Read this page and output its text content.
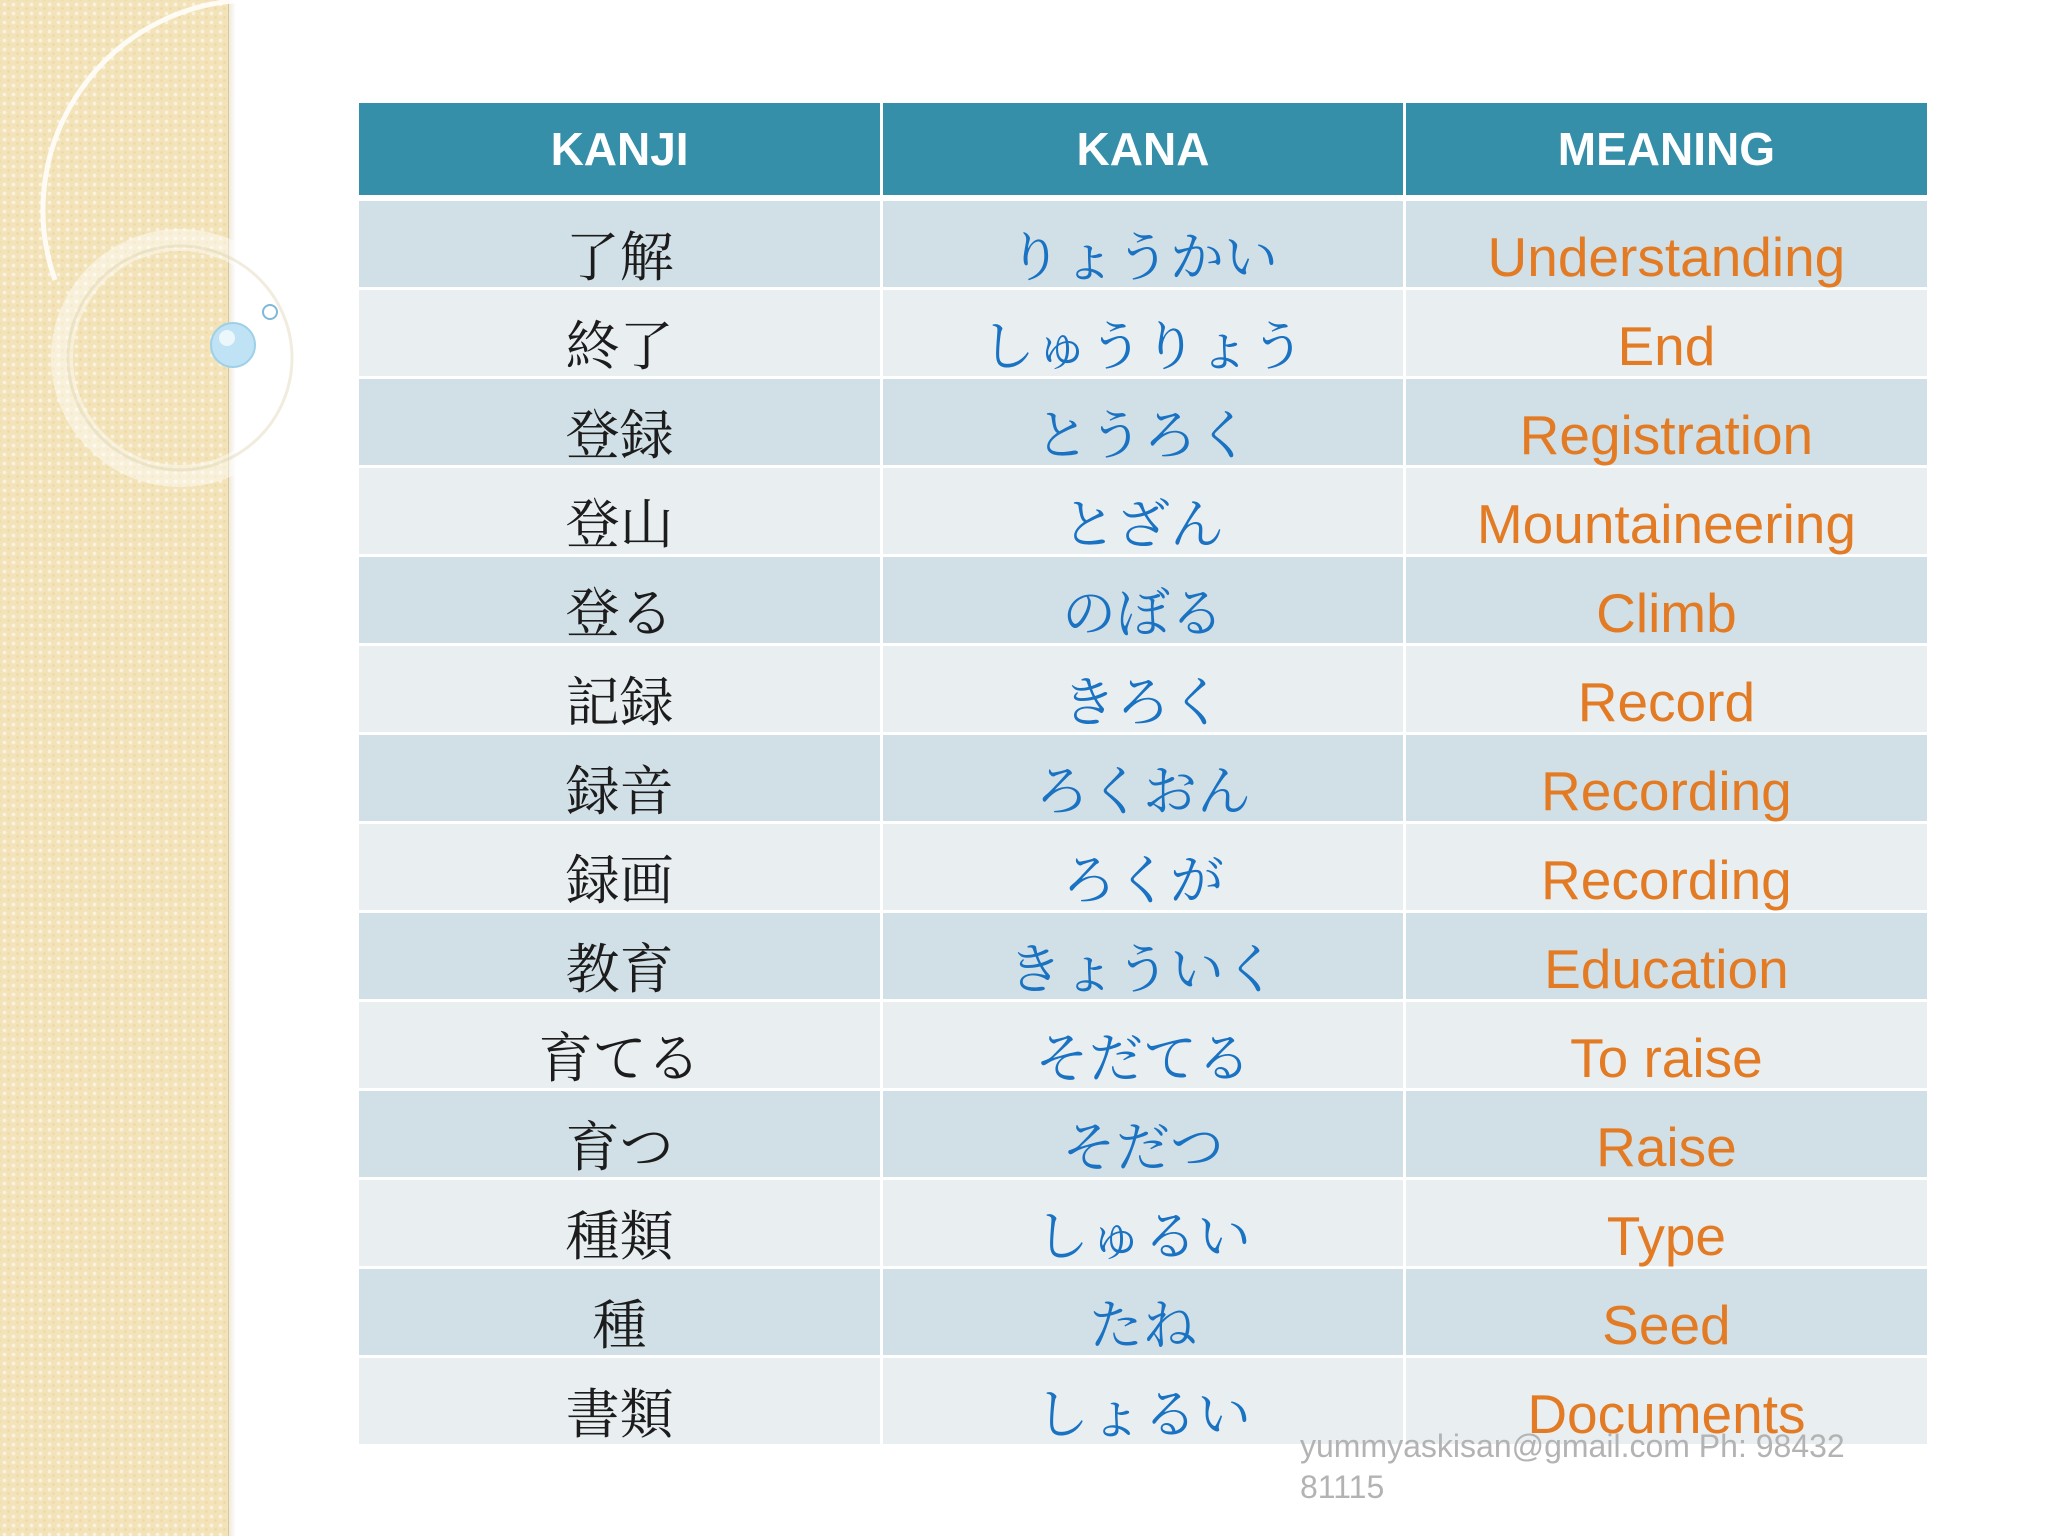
KANJI	KANA	MEANING
了解	りょうかい	Understanding
終了	しゅうりょう	End
登録	とうろく	Registration
登山	とざん	Mountaineering
登る	のぼる	Climb
記録	きろく	Record
録音	ろくおん	Recording
録画	ろくが	Recording
教育	きょういく	Education
育てる	そだてる	To raise
育つ	そだつ	Raise
種類	しゅるい	Type
種	たね	Seed
書類	しょるい	Documents
yummyaskisan@gmail.com Ph: 98432
81115
